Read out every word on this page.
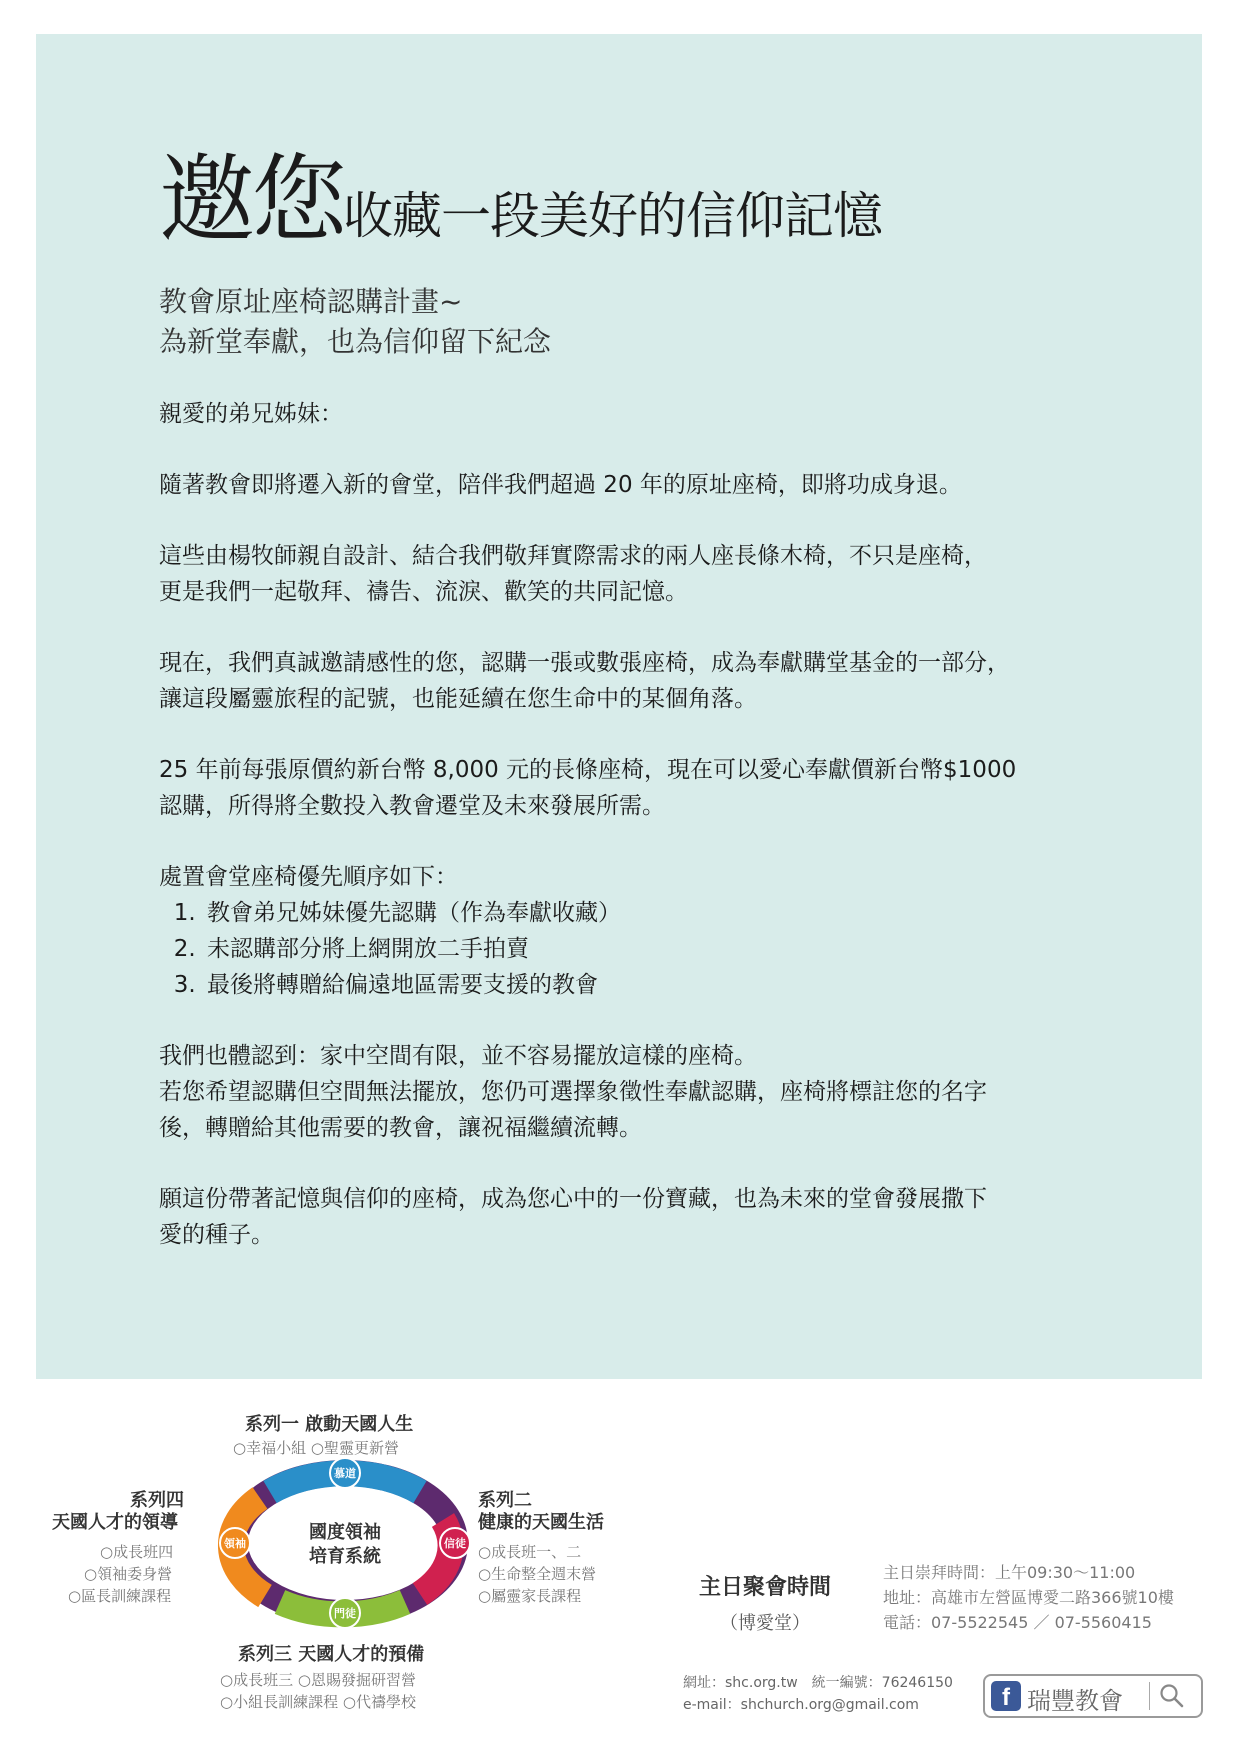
邀您收藏一段美好的信仰記憶
教會原址座椅認購計畫~
為新堂奉獻，也為信仰留下紀念

親愛的弟兄姊妹：

隨著教會即將遷入新的會堂，陪伴我們超過 20 年的原址座椅，即將功成身退。

這些由楊牧師親自設計、結合我們敬拜實際需求的兩人座長條木椅，不只是座椅，
更是我們一起敬拜、禱告、流淚、歡笑的共同記憶。

現在，我們真誠邀請感性的您，認購一張或數張座椅，成為奉獻購堂基金的一部分，
讓這段屬靈旅程的記號，也能延續在您生命中的某個角落。

25 年前每張原價約新台幣 8,000 元的長條座椅，現在可以愛心奉獻價新台幣$1000
認購，所得將全數投入教會遷堂及未來發展所需。

處置會堂座椅優先順序如下：
1. 教會弟兄姊妹優先認購（作為奉獻收藏）
2. 未認購部分將上網開放二手拍賣
3. 最後將轉贈給偏遠地區需要支援的教會

我們也體認到：家中空間有限，並不容易擺放這樣的座椅。
若您希望認購但空間無法擺放，您仍可選擇象徵性奉獻認購，座椅將標註您的名字
後，轉贈給其他需要的教會，讓祝福繼續流轉。

願這份帶著記憶與信仰的座椅，成為您心中的一份寶藏，也為未來的堂會發展撒下
愛的種子。

系列一 啟動天國人生
○幸福小組 ○聖靈更新營
系列四
天國人才的領導
○成長班四
○領袖委身營
○區長訓練課程
系列二
健康的天國生活
○成長班一、二
○生命整全週末營
○屬靈家長課程
慕道
信徒
門徒
領袖
國度領袖
培育系統
系列三 天國人才的預備
○成長班三 ○恩賜發掘研習營
○小組長訓練課程 ○代禱學校
主日聚會時間
（博愛堂）
主日崇拜時間：上午09:30～11:00
地址：高雄市左營區博愛二路366號10樓
電話：07-5522545 ／ 07-5560415
網址：shc.org.tw　統一編號：76246150
e-mail：shchurch.org@gmail.com	f 瑞豐教會
